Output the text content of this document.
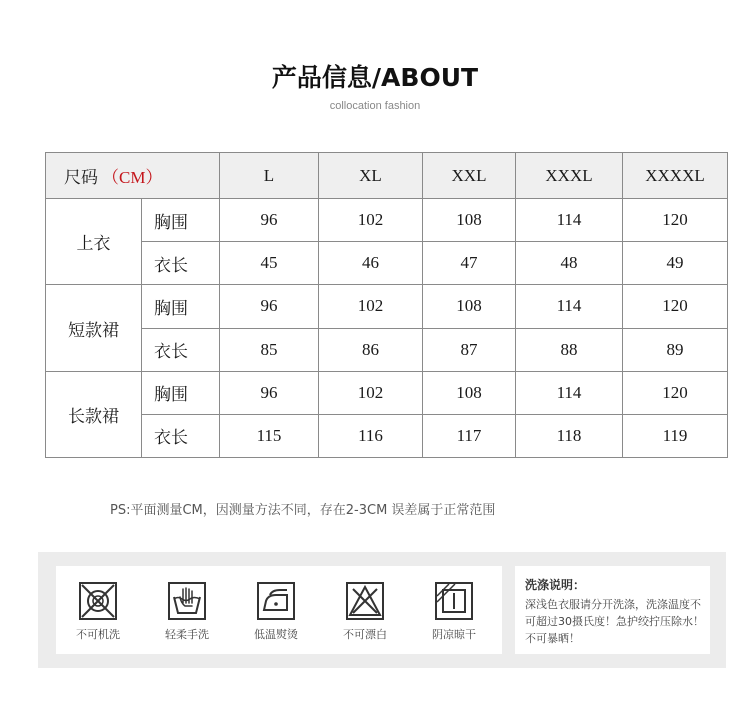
产品信息/ABOUT
collocation fashion
尺码 （CM）		L	XL	XXL	XXXL	XXXXL
上衣	胸围	96	102	108	114	120
	衣长	45	46	47	48	49
短款裙	胸围	96	102	108	114	120
	衣长	85	86	87	88	89
长款裙	胸围	96	102	108	114	120
	衣长	115	116	117	118	119
PS:平面测量CM，因测量方法不同，存在2-3CM 误差属于正常范围
不可机洗	轻柔手洗	低温熨烫	不可漂白	阴凉晾干
洗涤说明：
深浅色衣服请分开洗涤，洗涤温度不可超过30摄氏度！急护绞拧压除水！不可暴晒！
